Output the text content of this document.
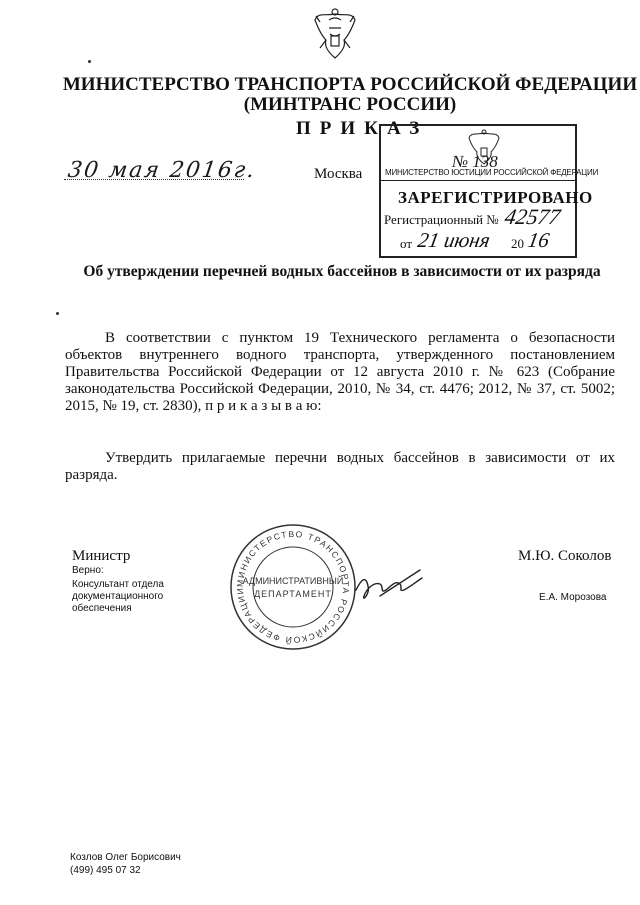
МИНИСТЕРСТВО ТРАНСПОРТА РОССИЙСКОЙ ФЕДЕРАЦИИ
(МИНТРАНС РОССИИ)
ПРИКАЗ
30 мая 2016г.	Москва
№ 138
МИНИСТЕРСТВО ЮСТИЦИИ РОССИЙСКОЙ ФЕДЕРАЦИИ
ЗАРЕГИСТРИРОВАНО
Регистрационный № 42577
от 21 июня 20 16
Об утверждении перечней водных бассейнов в зависимости от их разряда
В соответствии с пунктом 19 Технического регламента о безопасности объектов внутреннего водного транспорта, утвержденного постановлением Правительства Российской Федерации от 12 августа 2010 г. № 623 (Собрание законодательства Российской Федерации, 2010, № 34, ст. 4476; 2012, № 37, ст. 5002; 2015, № 19, ст. 2830), п р и к а з ы в а ю:
Утвердить прилагаемые перечни водных бассейнов в зависимости от их разряда.
МИНИСТЕРСТВО ТРАНСПОРТА РОССИЙСКОЙ ФЕДЕРАЦИИ
АДМИНИСТРАТИВНЫЙ
ДЕПАРТАМЕНТ
Министр	М.Ю. Соколов
Верно:
Консультант отдела документационного
обеспечения
Е.А. Морозова
Козлов Олег Борисович
(499) 495 07 32
